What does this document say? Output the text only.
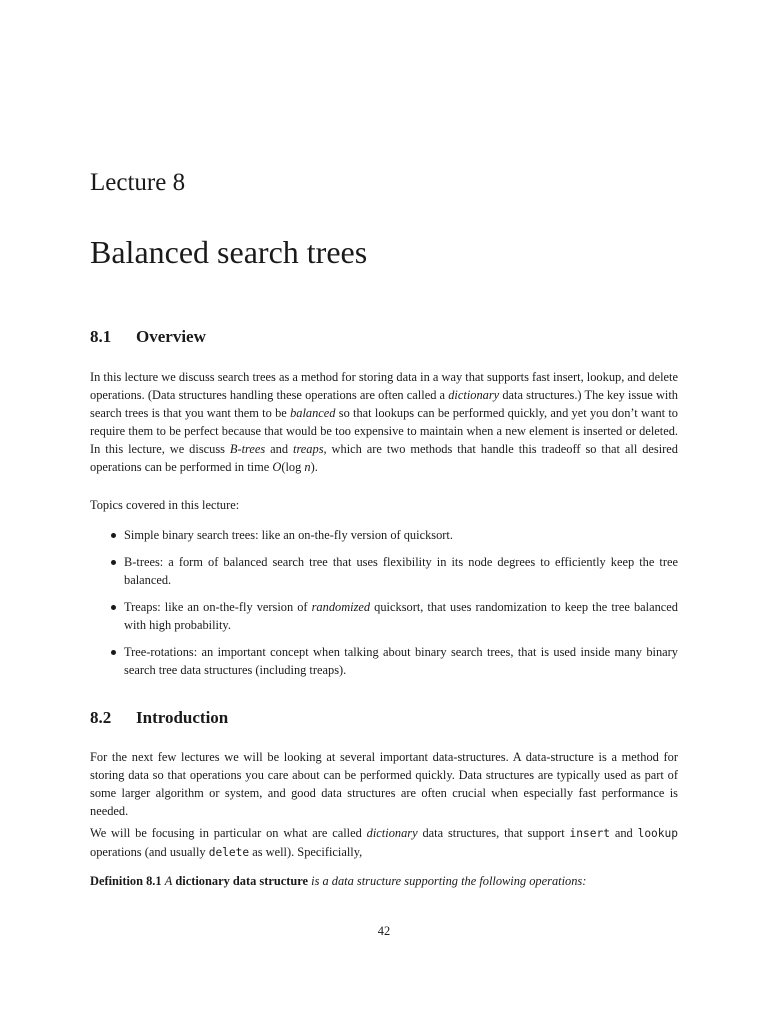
Lecture 8
Balanced search trees
8.1 Overview
In this lecture we discuss search trees as a method for storing data in a way that supports fast insert, lookup, and delete operations. (Data structures handling these operations are often called a dictionary data structures.) The key issue with search trees is that you want them to be balanced so that lookups can be performed quickly, and yet you don’t want to require them to be perfect because that would be too expensive to maintain when a new element is inserted or deleted. In this lecture, we discuss B-trees and treaps, which are two methods that handle this tradeoff so that all desired operations can be performed in time O(log n).
Topics covered in this lecture:
Simple binary search trees: like an on-the-fly version of quicksort.
B-trees: a form of balanced search tree that uses flexibility in its node degrees to efficiently keep the tree balanced.
Treaps: like an on-the-fly version of randomized quicksort, that uses randomization to keep the tree balanced with high probability.
Tree-rotations: an important concept when talking about binary search trees, that is used inside many binary search tree data structures (including treaps).
8.2 Introduction
For the next few lectures we will be looking at several important data-structures. A data-structure is a method for storing data so that operations you care about can be performed quickly. Data structures are typically used as part of some larger algorithm or system, and good data structures are often crucial when especially fast performance is needed.
We will be focusing in particular on what are called dictionary data structures, that support insert and lookup operations (and usually delete as well). Specificially,
Definition 8.1 A dictionary data structure is a data structure supporting the following operations:
42
